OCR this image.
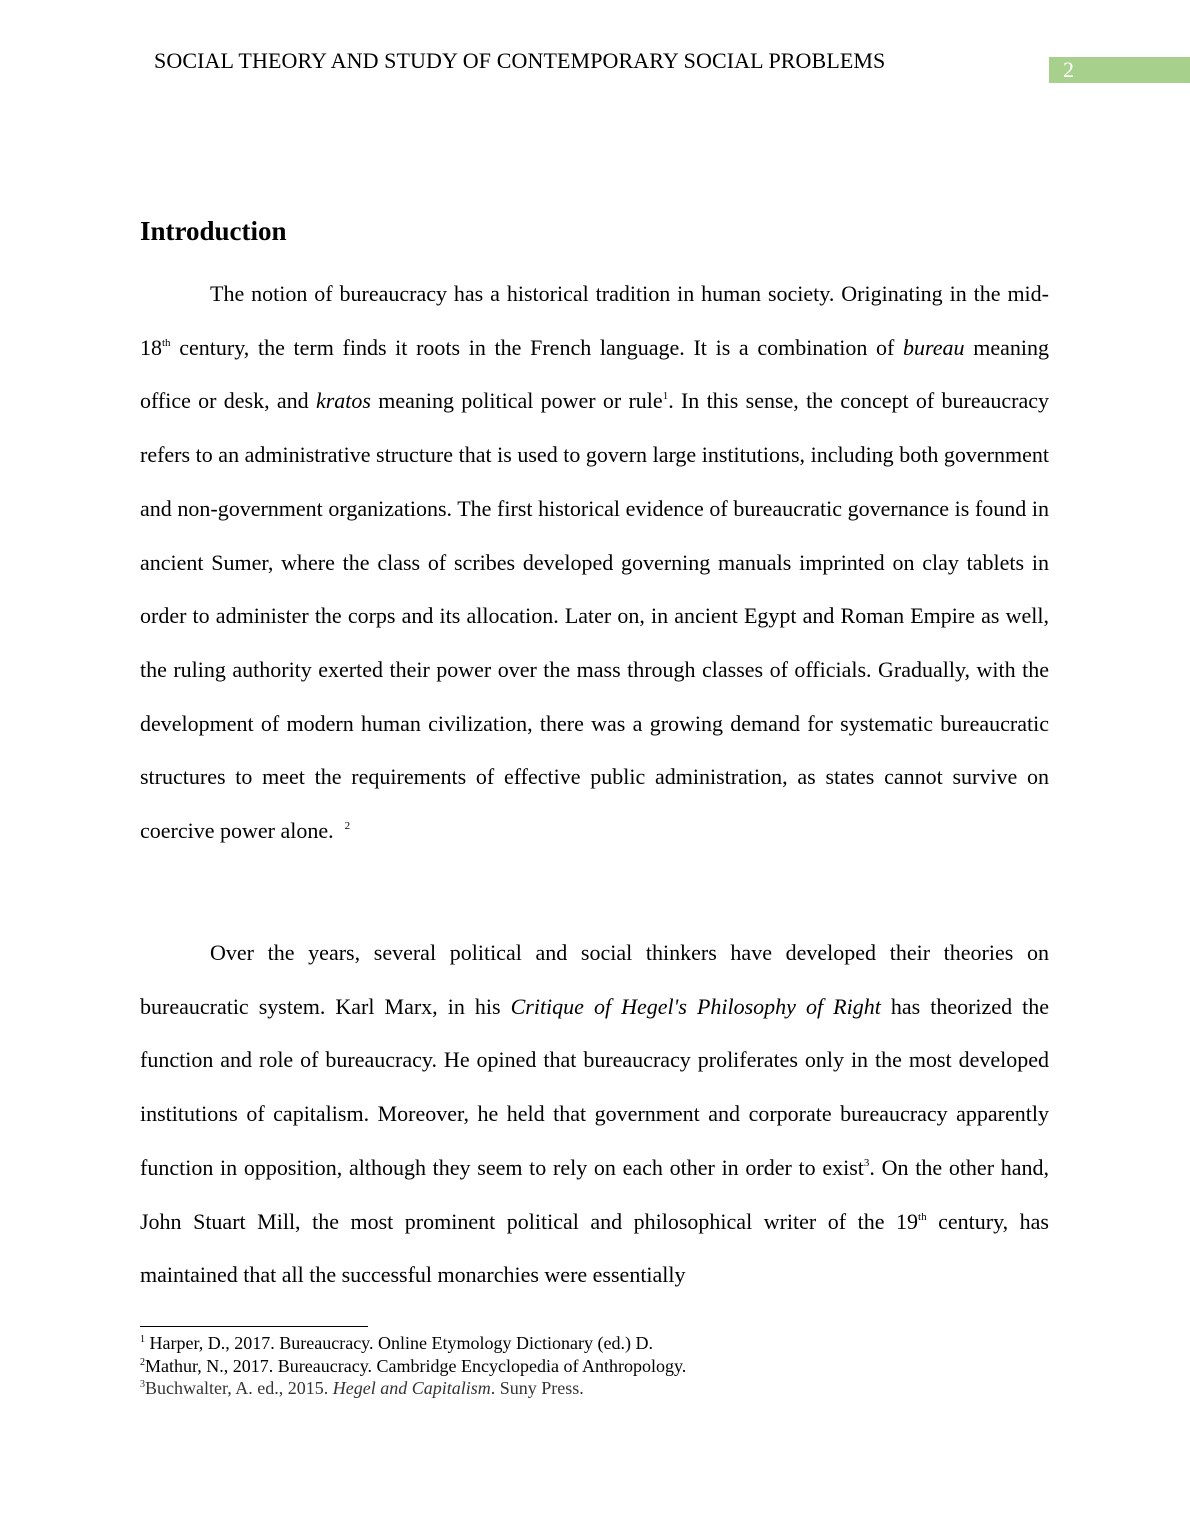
SOCIAL THEORY AND STUDY OF CONTEMPORARY SOCIAL PROBLEMS	2
Introduction

The notion of bureaucracy has a historical tradition in human society. Originating in the mid-18th century, the term finds it roots in the French language. It is a combination of bureau meaning office or desk, and kratos meaning political power or rule$^1$. In this sense, the concept of bureaucracy refers to an administrative structure that is used to govern large institutions, including both government and non-government organizations. The first historical evidence of bureaucratic governance is found in ancient Sumer, where the class of scribes developed governing manuals imprinted on clay tablets in order to administer the corps and its allocation. Later on, in ancient Egypt and Roman Empire as well, the ruling authority exerted their power over the mass through classes of officials. Gradually, with the development of modern human civilization, there was a growing demand for systematic bureaucratic structures to meet the requirements of effective public administration, as states cannot survive on coercive power alone. $^2$

Over the years, several political and social thinkers have developed their theories on bureaucratic system. Karl Marx, in his Critique of Hegel's Philosophy of Right has theorized the function and role of bureaucracy. He opined that bureaucracy proliferates only in the most developed institutions of capitalism. Moreover, he held that government and corporate bureaucracy apparently function in opposition, although they seem to rely on each other in order to exist$^3$. On the other hand, John Stuart Mill, the most prominent political and philosophical writer of the 19th century, has maintained that all the successful monarchies were essentially

$^1$ Harper, D., 2017. Bureaucracy. Online Etymology Dictionary (ed.) D.
$^2$Mathur, N., 2017. Bureaucracy. Cambridge Encyclopedia of Anthropology.
$^3$Buchwalter, A. ed., 2015. Hegel and Capitalism. Suny Press.
